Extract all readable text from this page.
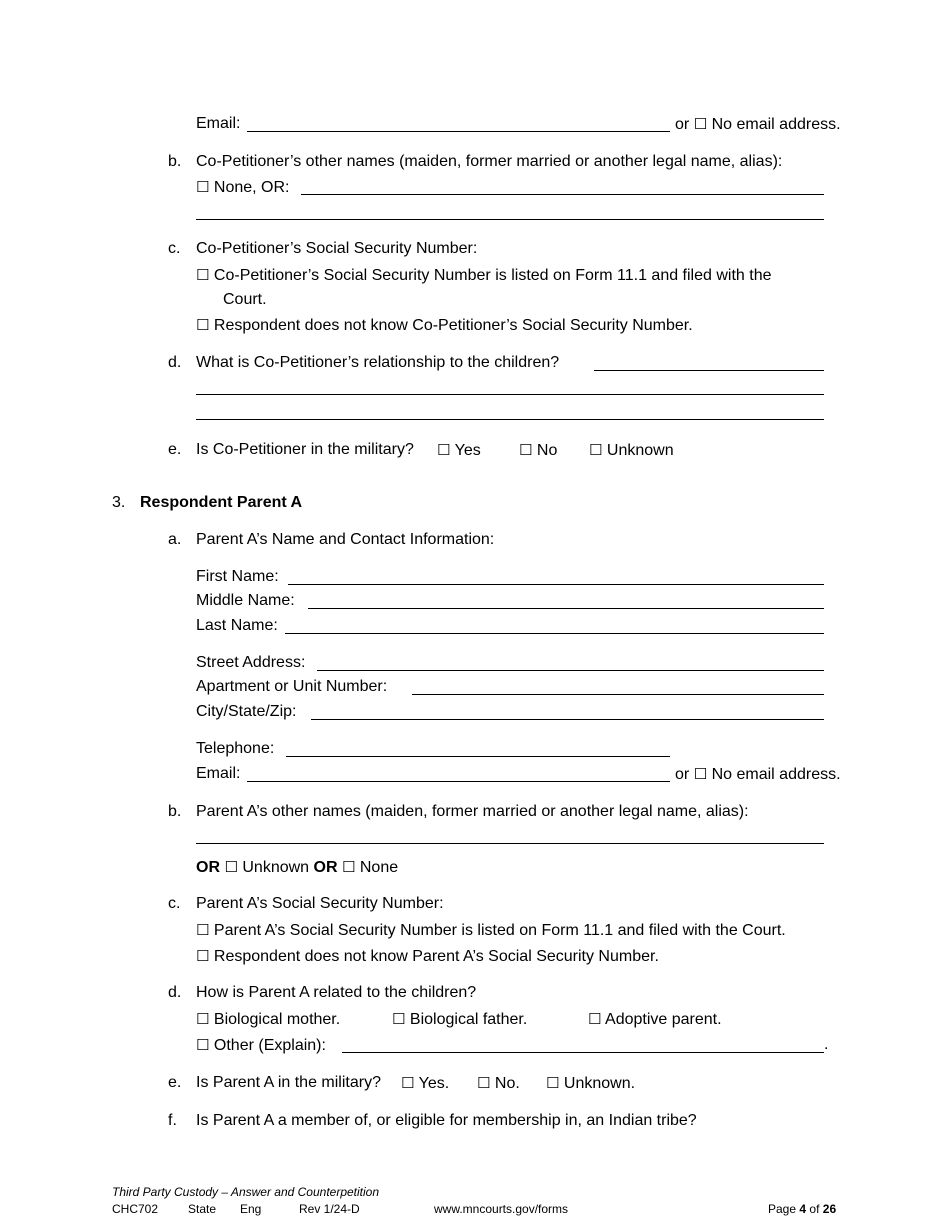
Email:	or ☐ No email address.
b. Co-Petitioner’s other names (maiden, former married or another legal name, alias):
☐ None, OR:
c. Co-Petitioner’s Social Security Number:
☐ Co-Petitioner’s Social Security Number is listed on Form 11.1 and filed with the
Court.
☐ Respondent does not know Co-Petitioner’s Social Security Number.
d. What is Co-Petitioner’s relationship to the children?
e. Is Co-Petitioner in the military? ☐ Yes	☐ No ☐ Unknown
3. Respondent Parent A
a. Parent A’s Name and Contact Information:
First Name:
Middle Name:
Last Name:
Street Address:
Apartment or Unit Number:
City/State/Zip:
Telephone:
Email:	or ☐ No email address.
b. Parent A’s other names (maiden, former married or another legal name, alias):
OR ☐ Unknown OR ☐ None
c. Parent A’s Social Security Number:
☐ Parent A’s Social Security Number is listed on Form 11.1 and filed with the Court.
☐ Respondent does not know Parent A’s Social Security Number.
d. How is Parent A related to the children?
☐ Biological mother.	☐ Biological father.	☐ Adoptive parent.
☐ Other (Explain):	.
e. Is Parent A in the military? ☐ Yes. ☐ No. ☐ Unknown.
f. Is Parent A a member of, or eligible for membership in, an Indian tribe?
Third Party Custody – Answer and Counterpetition
CHC702 State Eng	Rev 1/24-D	www.mncourts.gov/forms	Page 4 of 26
